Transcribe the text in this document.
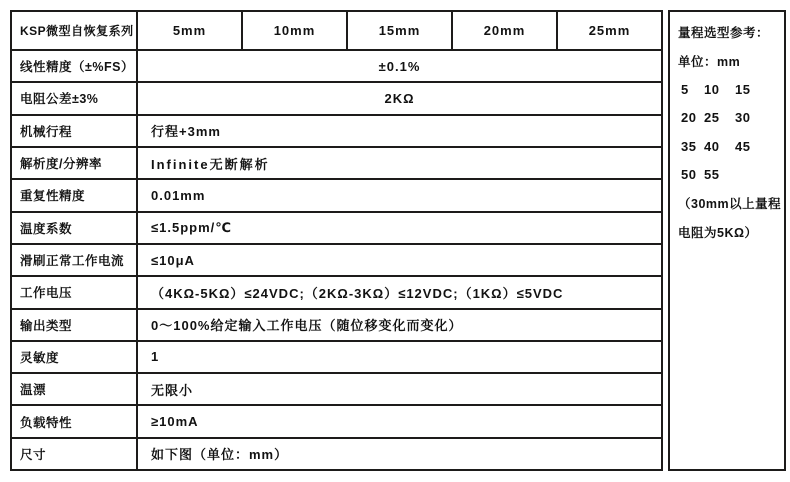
KSP微型自恢复系列	5mm	10mm	15mm	20mm	25mm
线性精度（±%FS）	±0.1%
电阻公差±3%	2KΩ
机械行程	行程+3mm
解析度/分辨率	Infinite无断解析
重复性精度	0.01mm
温度系数	≤1.5ppm/℃
滑刷正常工作电流	≤10μA
工作电压	（4KΩ-5KΩ）≤24VDC;（2KΩ-3KΩ）≤12VDC;（1KΩ）≤5VDC
输出类型	0～100%给定输入工作电压（随位移变化而变化）
灵敏度	1
温漂	无限小
负载特性	≥10mA
尺寸	如下图（单位：mm）
量程选型参考：
单位：mm
5	10	15
20 25	30
35 40	45
50 55
（30mm以上量程
电阻为5KΩ）
